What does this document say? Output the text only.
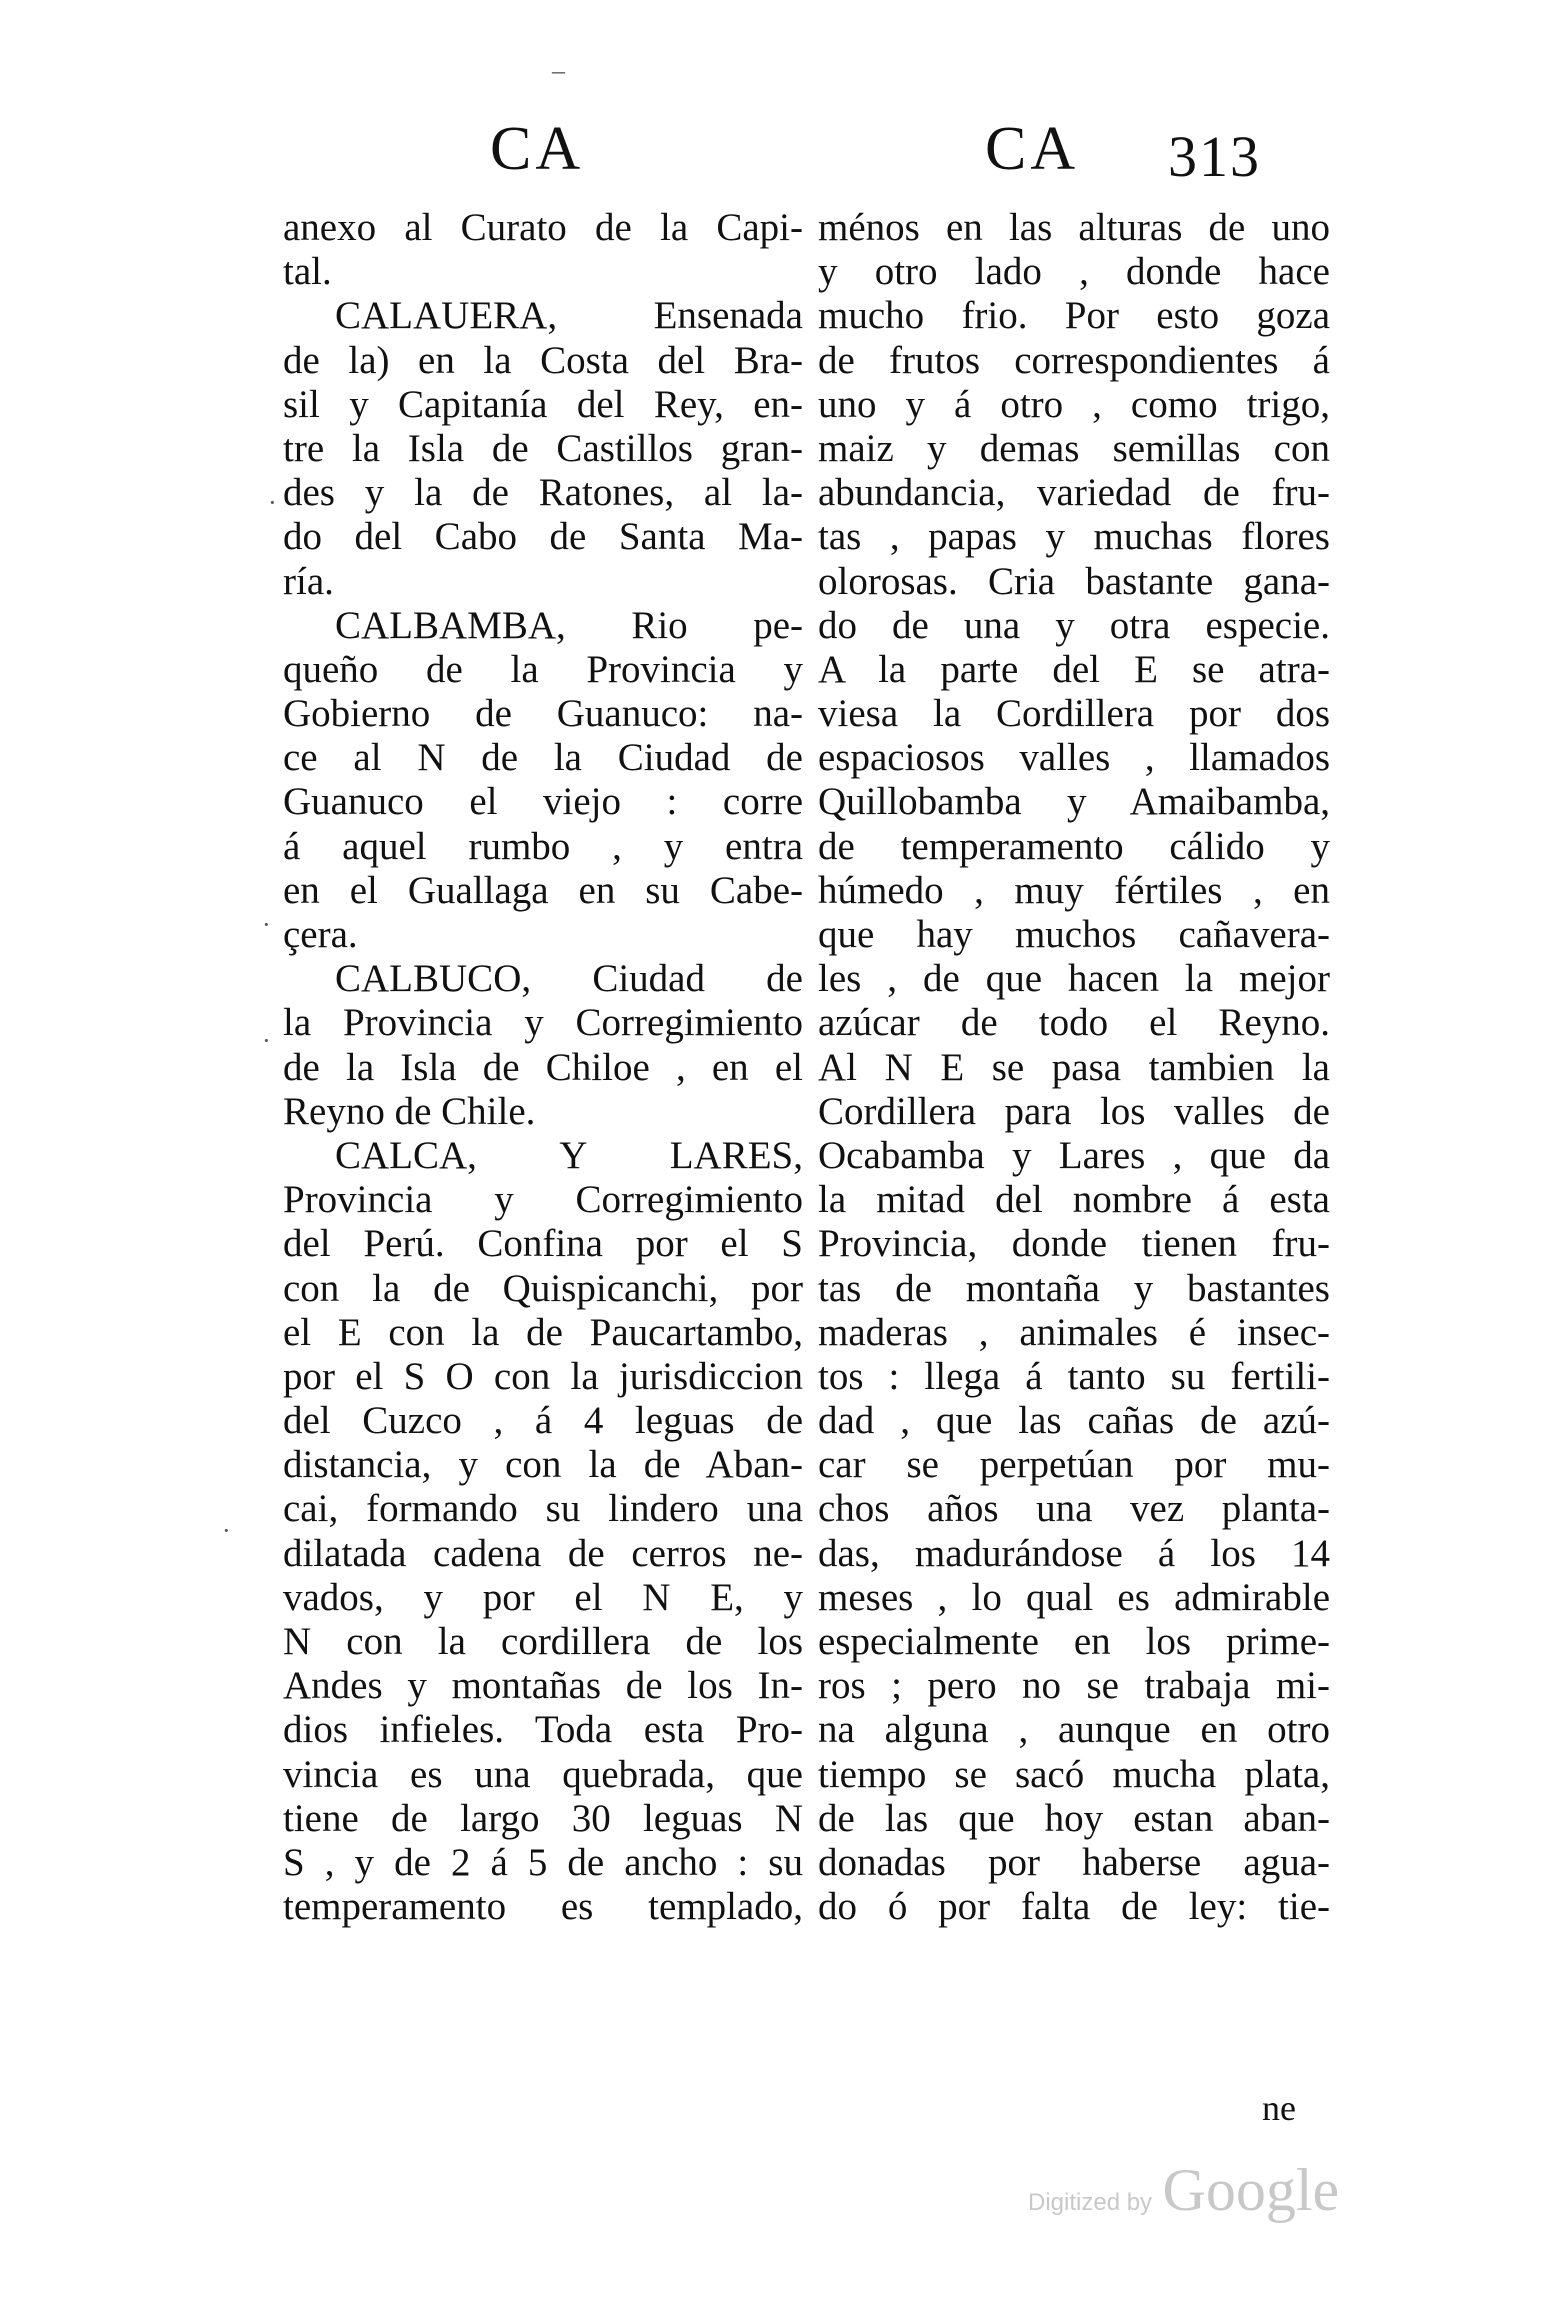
CA	CA 313
anexo al Curato de la Capi-
tal.
CALAUERA, Ensenada
de la) en la Costa del Bra-
sil y Capitanía del Rey, en-
tre la Isla de Castillos gran-
des y la de Ratones, al la-
do del Cabo de Santa Ma-
ría.
CALBAMBA, Rio pe-
queño de la Provincia y
Gobierno de Guanuco: na-
ce al N de la Ciudad de
Guanuco el viejo : corre
á aquel rumbo , y entra
en el Guallaga en su Cabe-
çera.
CALBUCO, Ciudad de
la Provincia y Corregimiento
de la Isla de Chiloe , en el
Reyno de Chile.
CALCA, Y LARES,
Provincia y Corregimiento
del Perú. Confina por el S
con la de Quispicanchi, por
el E con la de Paucartambo,
por el S O con la jurisdiccion
del Cuzco , á 4 leguas de
distancia, y con la de Aban-
cai, formando su lindero una
dilatada cadena de cerros ne-
vados, y por el N E, y
N con la cordillera de los
Andes y montañas de los In-
dios infieles. Toda esta Pro-
vincia es una quebrada, que
tiene de largo 30 leguas N
S , y de 2 á 5 de ancho : su
temperamento es templado,
ménos en las alturas de uno
y otro lado , donde hace
mucho frio. Por esto goza
de frutos correspondientes á
uno y á otro , como trigo,
maiz y demas semillas con
abundancia, variedad de fru-
tas , papas y muchas flores
olorosas. Cria bastante gana-
do de una y otra especie.
A la parte del E se atra-
viesa la Cordillera por dos
espaciosos valles , llamados
Quillobamba y Amaibamba,
de temperamento cálido y
húmedo , muy fértiles , en
que hay muchos cañavera-
les , de que hacen la mejor
azúcar de todo el Reyno.
Al N E se pasa tambien la
Cordillera para los valles de
Ocabamba y Lares , que da
la mitad del nombre á esta
Provincia, donde tienen fru-
tas de montaña y bastantes
maderas , animales é insec-
tos : llega á tanto su fertili-
dad , que las cañas de azú-
car se perpetúan por mu-
chos años una vez planta-
das, madurándose á los 14
meses , lo qual es admirable
especialmente en los prime-
ros ; pero no se trabaja mi-
na alguna , aunque en otro
tiempo se sacó mucha plata,
de las que hoy estan aban-
donadas por haberse agua-
do ó por falta de ley: tie-
ne
–
·
·
·
·
Digitized by Google
